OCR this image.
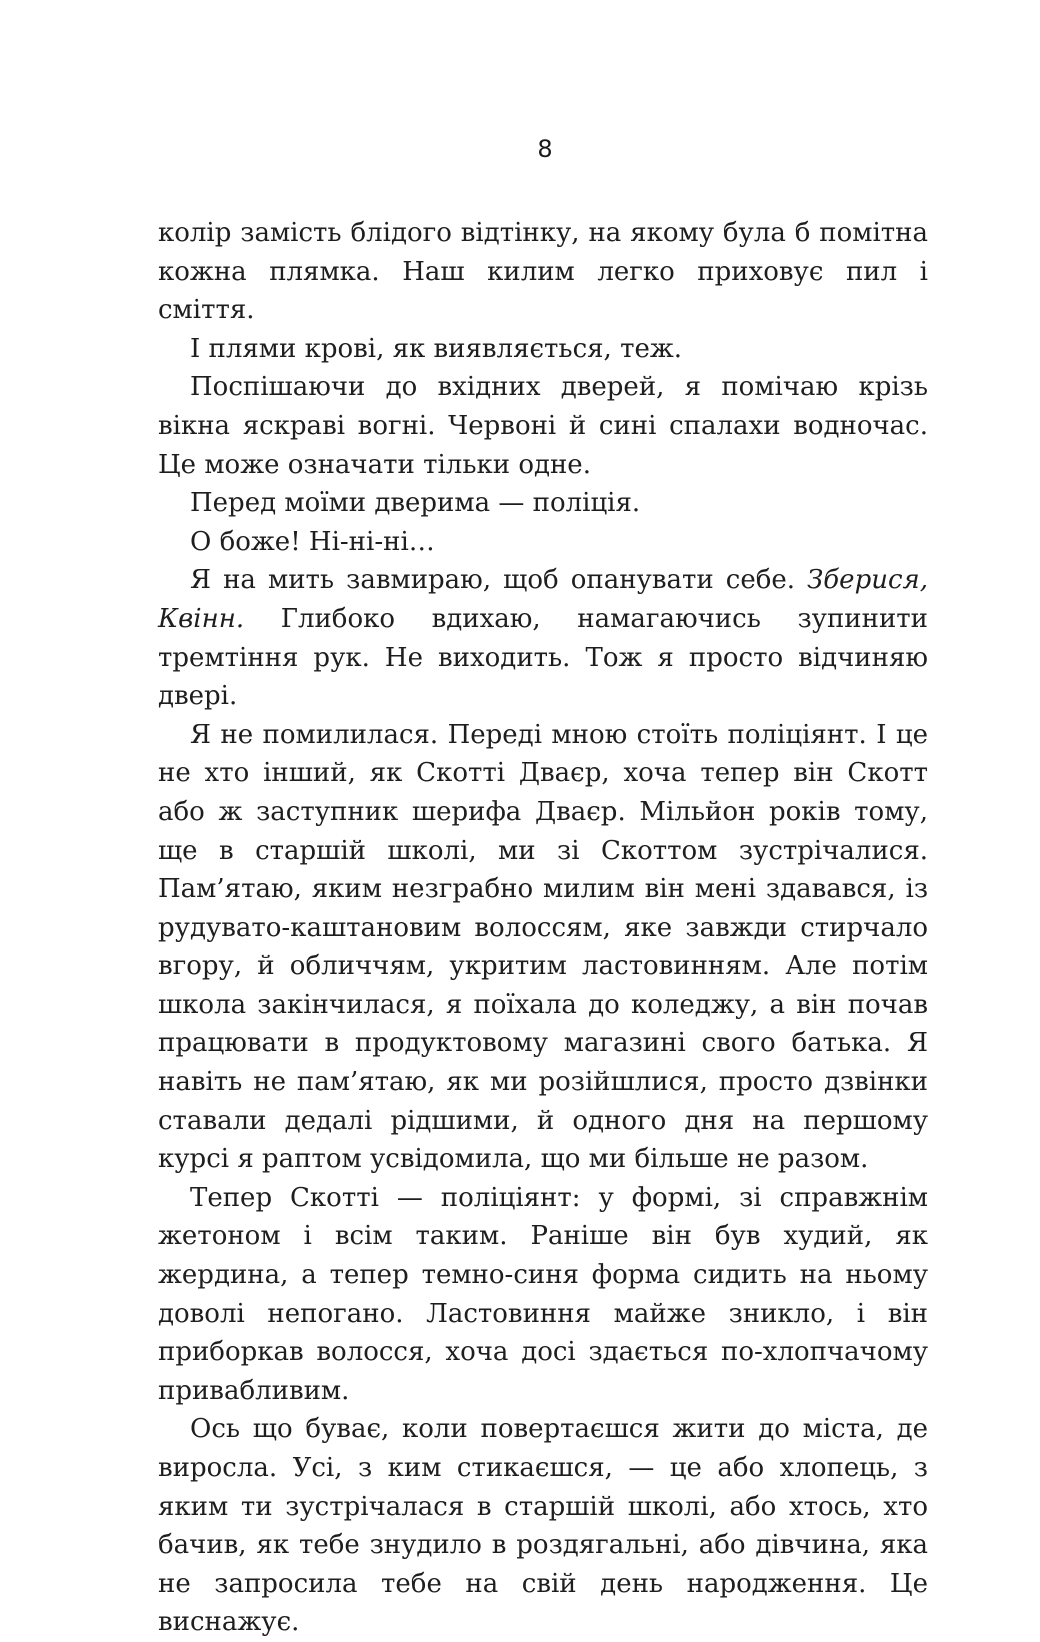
8

колір замість блідого відтінку, на якому була б помітна кожна плямка. Наш килим легко приховує пил і сміття.

І плями крові, як виявляється, теж.

Поспішаючи до вхідних дверей, я помічаю крізь вікна яскраві вогні. Червоні й сині спалахи водночас. Це може означати тільки одне.

Перед моїми дверима — поліція.

О боже! Ні-ні-ні…

Я на мить завмираю, щоб опанувати себе. Зберися, Квінн. Глибоко вдихаю, намагаючись зупинити тремтіння рук. Не виходить. Тож я просто відчиняю двері.

Я не помилилася. Переді мною стоїть поліціянт. І це не хто інший, як Скотті Дваєр, хоча тепер він Скотт або ж заступник шерифа Дваєр. Мільйон років тому, ще в старшій школі, ми зі Скоттом зустрічалися. Пам’ятаю, яким незграбно милим він мені здавався, із рудувато-каштановим волоссям, яке завжди стирчало вгору, й обличчям, укритим ластовинням. Але потім школа закінчилася, я поїхала до коледжу, а він почав працювати в продуктовому магазині свого батька. Я навіть не пам’ятаю, як ми розійшлися, просто дзвінки ставали дедалі рідшими, й одного дня на першому курсі я раптом усвідомила, що ми більше не разом.

Тепер Скотті — поліціянт: у формі, зі справжнім жетоном і всім таким. Раніше він був худий, як жердина, а тепер темно-синя форма сидить на ньому доволі непогано. Ластовиння майже зникло, і він приборкав волосся, хоча досі здається по-хлопчачому привабливим.

Ось що буває, коли повертаєшся жити до міста, де виросла. Усі, з ким стикаєшся, — це або хлопець, з яким ти зустрічалася в старшій школі, або хтось, хто бачив, як тебе знудило в роздягальні, або дівчина, яка не запросила тебе на свій день народження. Це виснажує.
